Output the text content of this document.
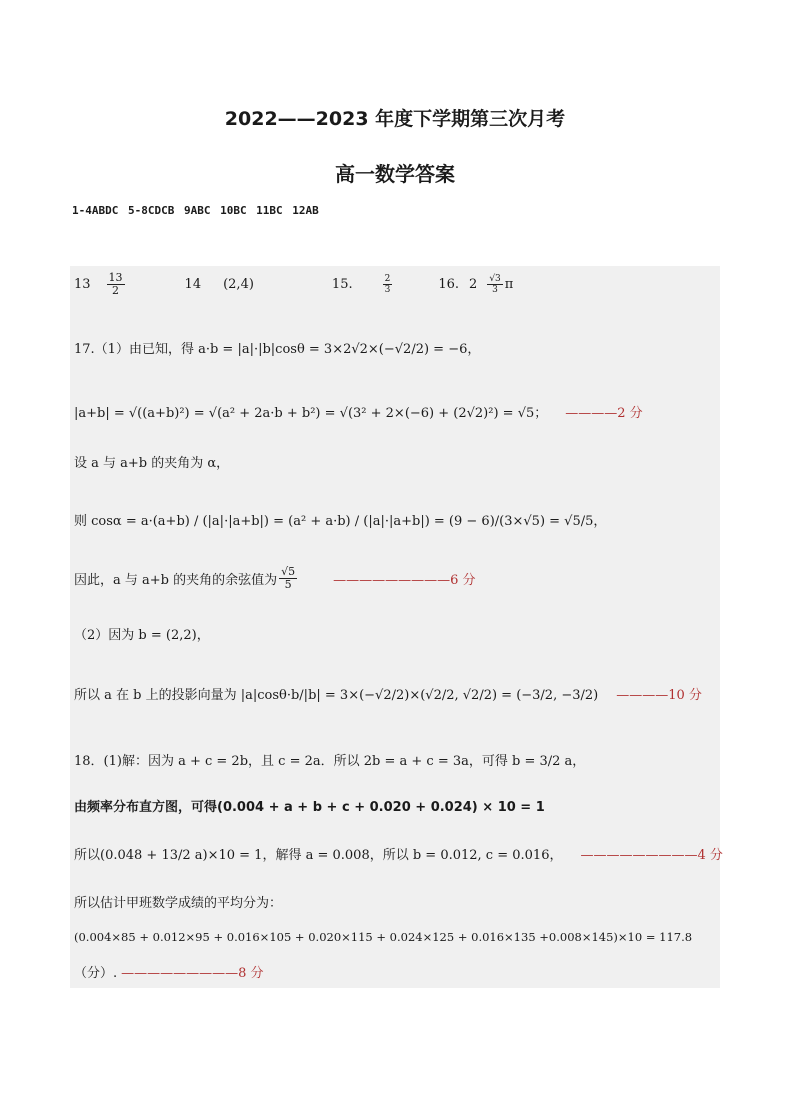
2022——2023 年度下学期第三次月考
高一数学答案
1-4ABDC 5-8CDCB 9ABC 10BC 11BC 12AB
$13 \frac{13}{2}$	14 (2,4)	15.	$\frac{2}{3}$	16. $2 \frac{√3}{3}$ π
17.（1）由已知，得 a·b = |a|·|b|cosθ = 3×2√2×(−√2/2) = −6，
|a+b| = √((a+b)²) = √(a² + 2a·b + b²) = √(3² + 2×(−6) + (2√2)²) = √5； ————2 分
设 a 与 a+b 的夹角为 α，
则 cosα = a·(a+b) / (|a|·|a+b|) = (a² + a·b) / (|a|·|a+b|) = (9 − 6)/(3×√5) = √5/5，
因此，a 与 a+b 的夹角的余弦值为 $\frac{√5}{5}$	—————————6 分
（2）因为 b = (2,2)，
所以 a 在 b 上的投影向量为 |a|cosθ·b/|b| = 3×(−√2/2)×(√2/2, √2/2) = (−3/2, −3/2) ————10 分
18．(1)解：因为 a + c = 2b，且 c = 2a．所以 2b = a + c = 3a，可得 b = 3/2 a，
由频率分布直方图，可得(0.004 + a + b + c + 0.020 + 0.024) × 10 = 1
所以(0.048 + 13/2 a)×10 = 1，解得 a = 0.008，所以 b = 0.012, c = 0.016， —————————4 分
所以估计甲班数学成绩的平均分为：
(0.004×85 + 0.012×95 + 0.016×105 + 0.020×115 + 0.024×125 + 0.016×135 +0.008×145)×10 = 117.8
（分）. —————————8 分
